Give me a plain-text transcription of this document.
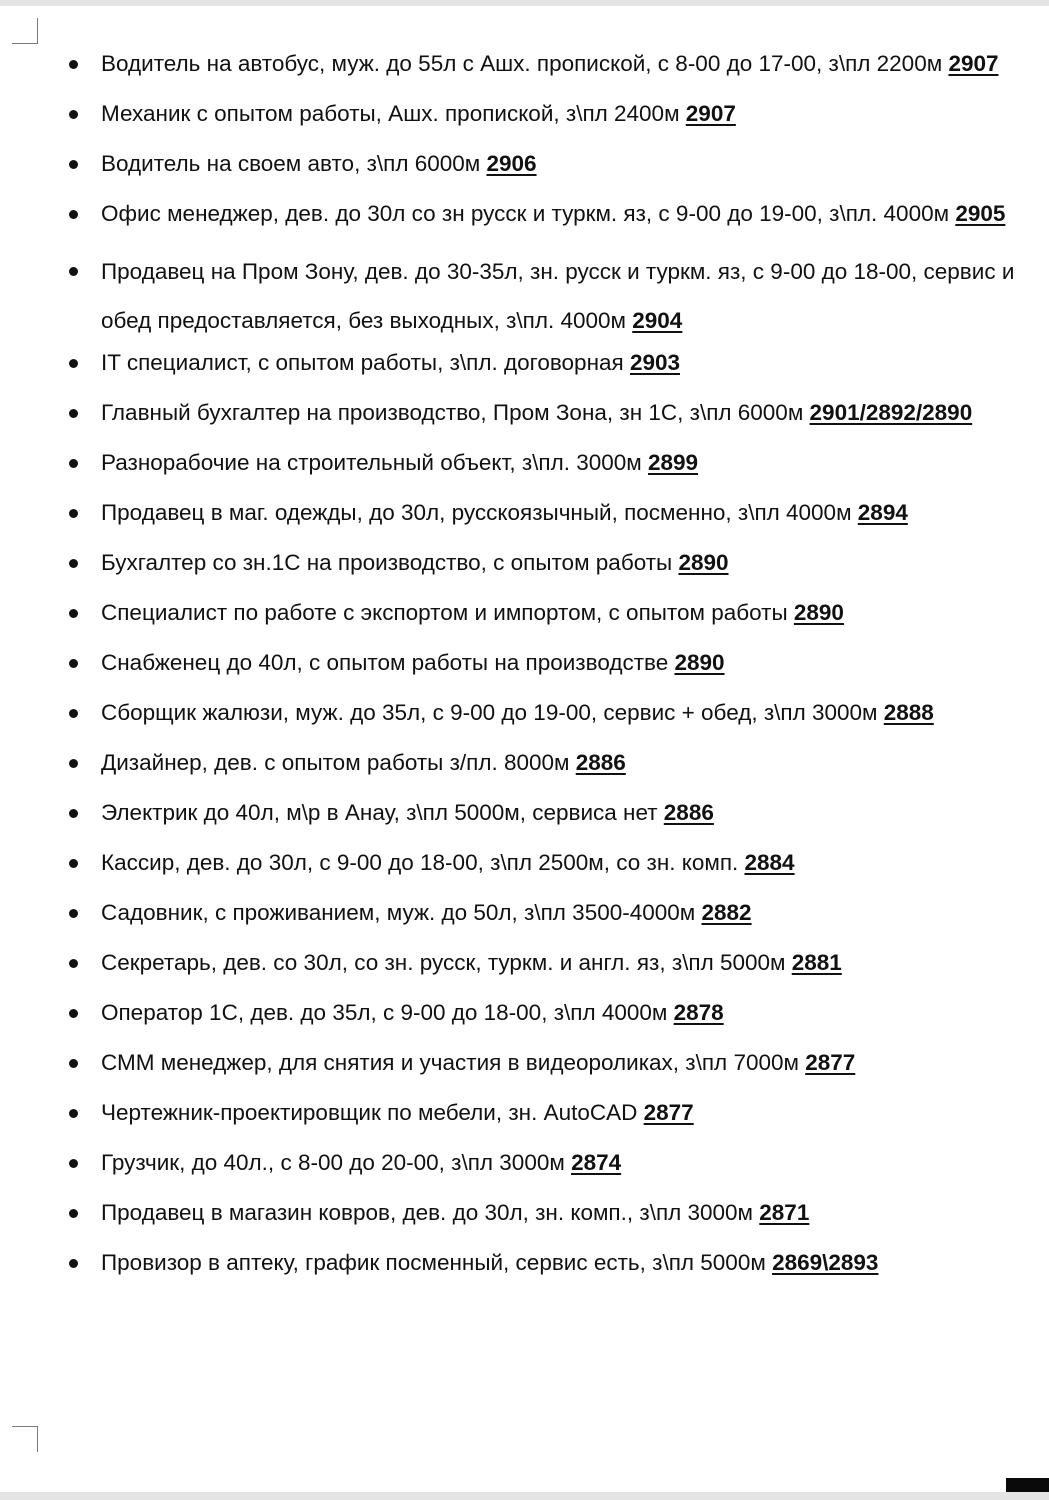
Водитель на автобус, муж. до 55л с Ашх. пропиской, с 8-00 до 17-00, з\пл 2200м 2907
Механик с опытом работы, Ашх. пропиской, з\пл 2400м 2907
Водитель на своем авто, з\пл 6000м 2906
Офис менеджер, дев. до 30л со зн русск и туркм. яз, с 9-00 до 19-00, з\пл. 4000м 2905
Продавец на Пром Зону, дев. до 30-35л, зн. русск и туркм. яз, с 9-00 до 18-00, сервис и обед предоставляется, без выходных, з\пл. 4000м 2904
IT специалист, с опытом работы, з\пл. договорная 2903
Главный бухгалтер на производство, Пром Зона, зн 1С, з\пл 6000м 2901/2892/2890
Разнорабочие на строительный объект, з\пл. 3000м 2899
Продавец в маг. одежды, до 30л, русскоязычный, посменно, з\пл 4000м 2894
Бухгалтер со зн.1С на производство, с опытом работы 2890
Специалист по работе с экспортом и импортом, с опытом работы 2890
Снабженец до 40л, с опытом работы на производстве 2890
Сборщик жалюзи, муж. до 35л, с 9-00 до 19-00, сервис + обед, з\пл 3000м 2888
Дизайнер, дев. с опытом работы з/пл. 8000м 2886
Электрик до 40л, м\р в Анау, з\пл 5000м, сервиса нет 2886
Кассир, дев. до 30л, с 9-00 до 18-00, з\пл 2500м, со зн. комп. 2884
Садовник, с проживанием, муж. до 50л, з\пл 3500-4000м 2882
Секретарь, дев. со 30л, со зн. русск, туркм. и англ. яз, з\пл 5000м 2881
Оператор 1С, дев. до 35л, с 9-00 до 18-00, з\пл 4000м 2878
СММ менеджер, для снятия и участия в видеороликах, з\пл 7000м 2877
Чертежник-проектировщик по мебели, зн. AutoCAD 2877
Грузчик, до 40л., с 8-00 до 20-00, з\пл 3000м 2874
Продавец в магазин ковров, дев. до 30л, зн. комп., з\пл 3000м 2871
Провизор в аптеку, график посменный, сервис есть, з\пл 5000м 2869\2893
